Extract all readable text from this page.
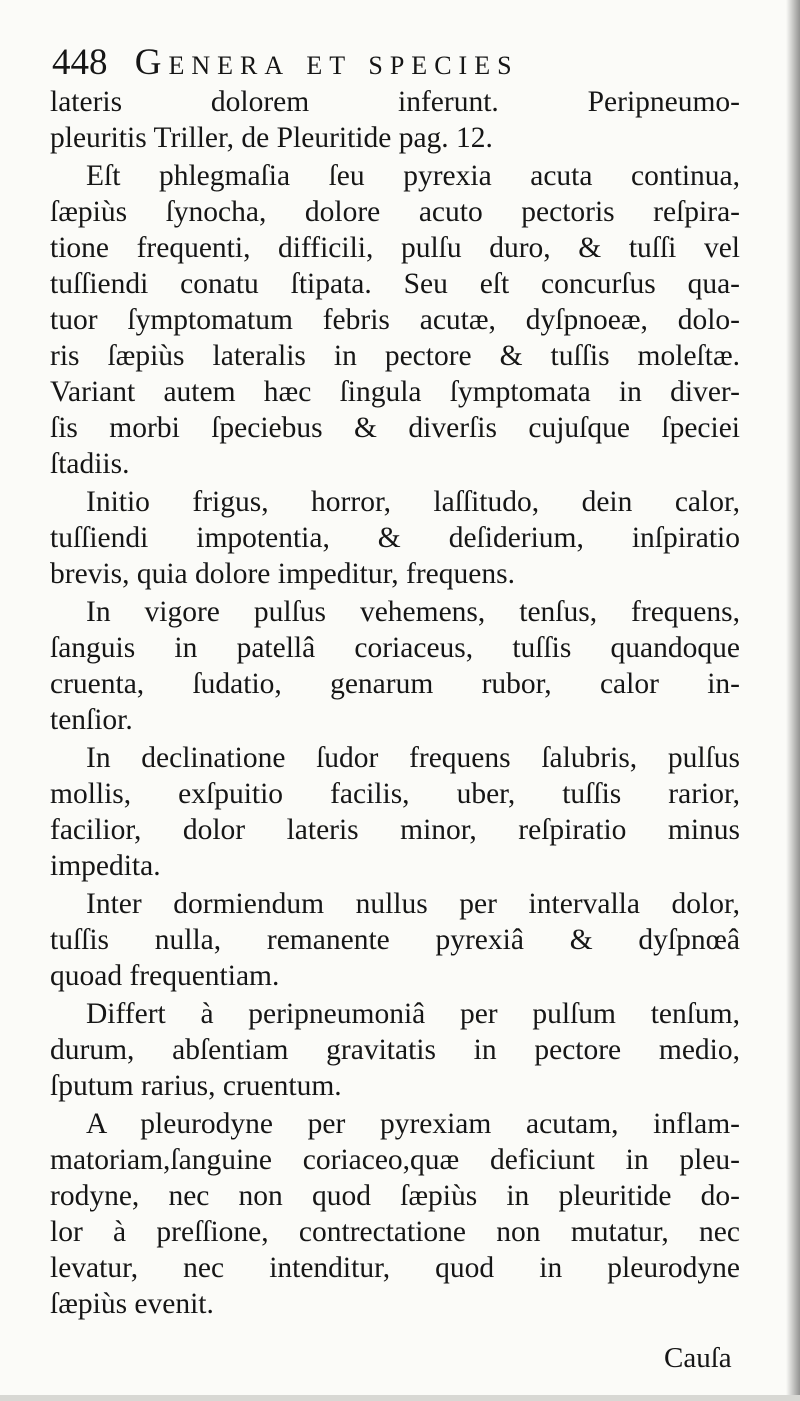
448 Genera et species
lateris dolorem inferunt. Peripneumo-
pleuritis Triller, de Pleuritide pag. 12.
Eſt phlegmaſia ſeu pyrexia acuta continua,
ſæpiùs ſynocha, dolore acuto pectoris reſpira-
tione frequenti, difficili, pulſu duro, & tuſſi vel
tuſſiendi conatu ſtipata. Seu eſt concurſus qua-
tuor ſymptomatum febris acutæ, dyſpnoeæ, dolo-
ris ſæpiùs lateralis in pectore & tuſſis moleſtæ.
Variant autem hæc ſingula ſymptomata in diver-
ſis morbi ſpeciebus & diverſis cujuſque ſpeciei
ſtadiis.
Initio frigus, horror, laſſitudo, dein calor,
tuſſiendi impotentia, & deſiderium, inſpiratio
brevis, quia dolore impeditur, frequens.
In vigore pulſus vehemens, tenſus, frequens,
ſanguis in patellâ coriaceus, tuſſis quandoque
cruenta, ſudatio, genarum rubor, calor in-
tenſior.
In declinatione ſudor frequens ſalubris, pulſus
mollis, exſpuitio facilis, uber, tuſſis rarior,
facilior, dolor lateris minor, reſpiratio minus
impedita.
Inter dormiendum nullus per intervalla dolor,
tuſſis nulla, remanente pyrexiâ & dyſpnœâ
quoad frequentiam.
Differt à peripneumoniâ per pulſum tenſum,
durum, abſentiam gravitatis in pectore medio,
ſputum rarius, cruentum.
A pleurodyne per pyrexiam acutam, inflam-
matoriam,ſanguine coriaceo,quæ deficiunt in pleu-
rodyne, nec non quod ſæpiùs in pleuritide do-
lor à preſſione, contrectatione non mutatur, nec
levatur, nec intenditur, quod in pleurodyne
ſæpiùs evenit.
Cauſa
